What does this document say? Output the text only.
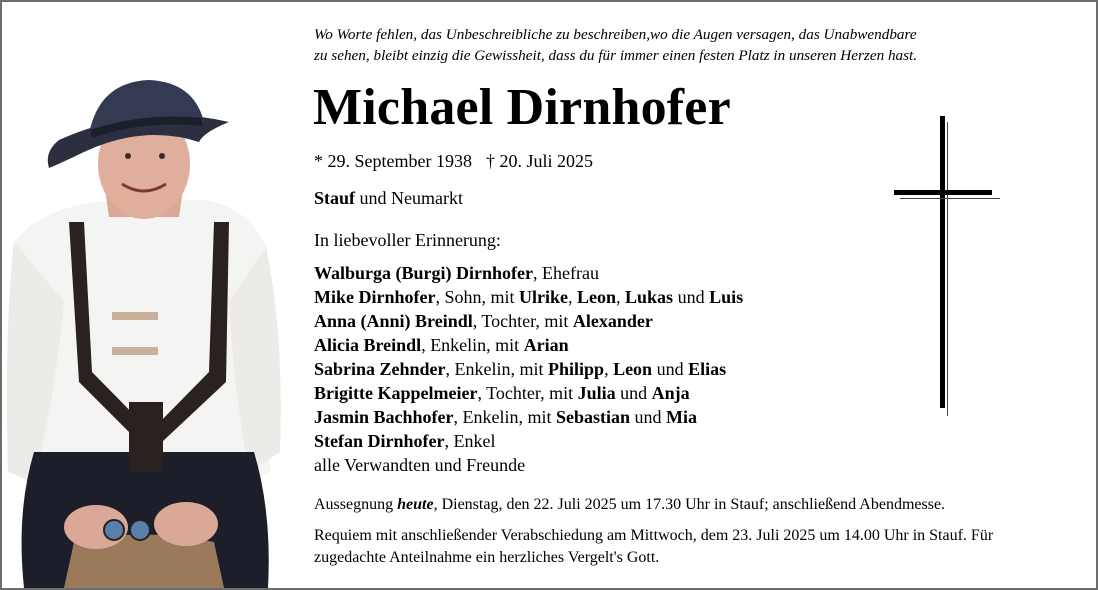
Wo Worte fehlen, das Unbeschreibliche zu beschreiben,wo die Augen versagen, das Unabwendbare
zu sehen, bleibt einzig die Gewissheit, dass du für immer einen festen Platz in unseren Herzen hast.
Michael Dirnhofer
* 29. September 1938 † 20. Juli 2025
Stauf und Neumarkt
In liebevoller Erinnerung:
Walburga (Burgi) Dirnhofer, Ehefrau
Mike Dirnhofer, Sohn, mit Ulrike, Leon, Lukas und Luis
Anna (Anni) Breindl, Tochter, mit Alexander
Alicia Breindl, Enkelin, mit Arian
Sabrina Zehnder, Enkelin, mit Philipp, Leon und Elias
Brigitte Kappelmeier, Tochter, mit Julia und Anja
Jasmin Bachhofer, Enkelin, mit Sebastian und Mia
Stefan Dirnhofer, Enkel
alle Verwandten und Freunde
Aussegnung heute, Dienstag, den 22. Juli 2025 um 17.30 Uhr in Stauf; anschließend Abendmesse.
Requiem mit anschließender Verabschiedung am Mittwoch, dem 23. Juli 2025 um 14.00 Uhr in Stauf. Für zugedachte Anteilnahme ein herzliches Vergelt's Gott.
